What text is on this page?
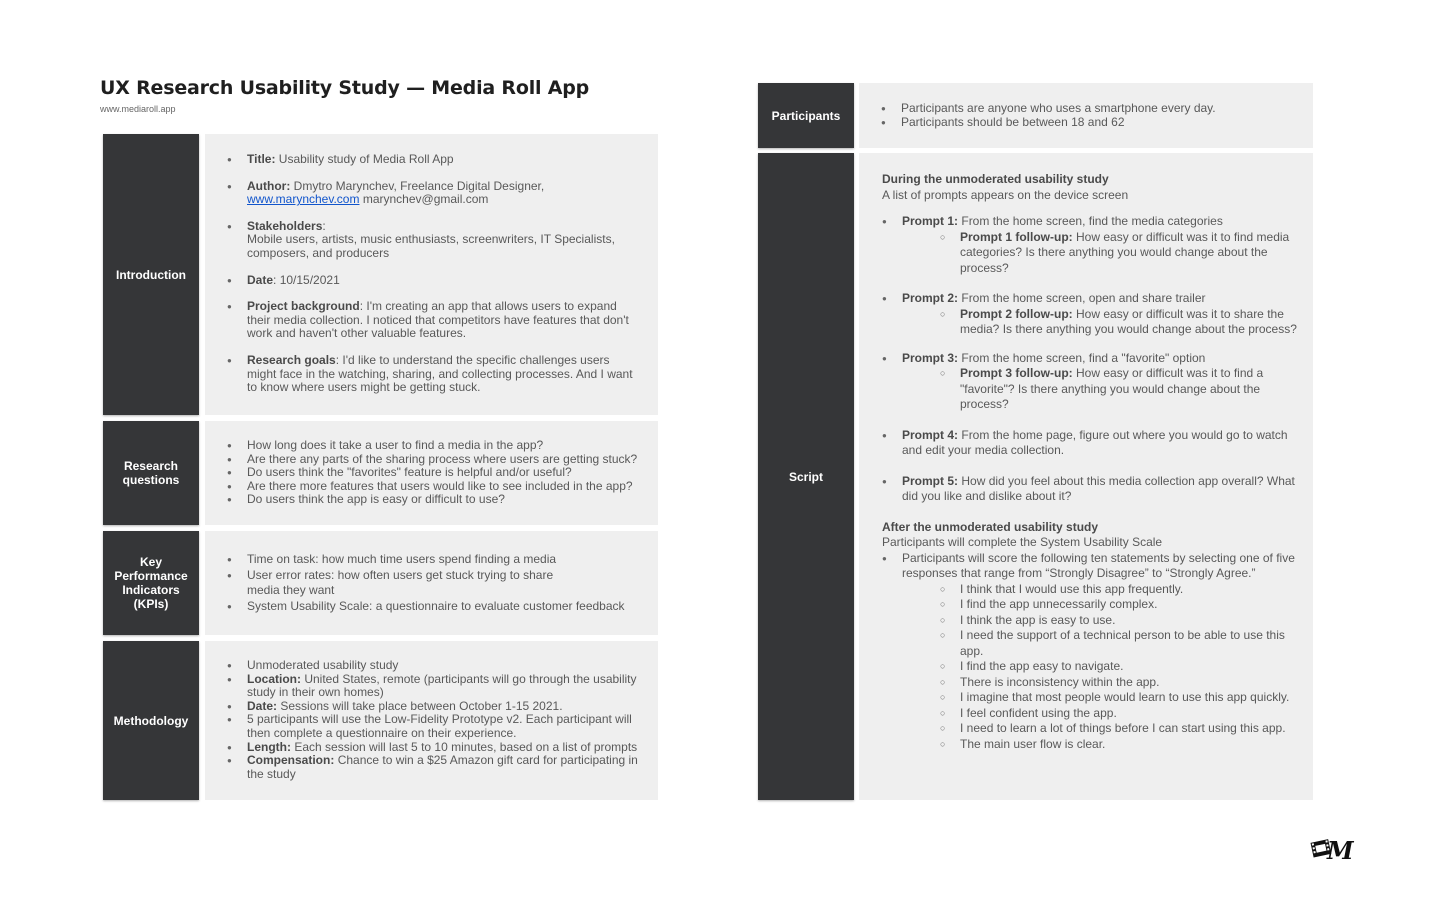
UX Research Usability Study — Media Roll App
www.mediaroll.app
Introduction
● Title: Usability study of Media Roll App
● Author: Dmytro Marynchev, Freelance Digital Designer,
www.marynchev.com marynchev@gmail.com
● Stakeholders:
Mobile users, artists, music enthusiasts, screenwriters, IT Specialists, composers, and producers
● Date: 10/15/2021
● Project background: I'm creating an app that allows users to expand their media collection. I noticed that competitors have features that don't work and haven't other valuable features.
● Research goals: I'd like to understand the specific challenges users might face in the watching, sharing, and collecting processes. And I want to know where users might be getting stuck.
Research questions
● How long does it take a user to find a media in the app?
● Are there any parts of the sharing process where users are getting stuck?
● Do users think the "favorites" feature is helpful and/or useful?
● Are there more features that users would like to see included in the app?
● Do users think the app is easy or difficult to use?
Key Performance Indicators (KPIs)
● Time on task: how much time users spend finding a media
● User error rates: how often users get stuck trying to share media they want
● System Usability Scale: a questionnaire to evaluate customer feedback
Methodology
● Unmoderated usability study
● Location: United States, remote (participants will go through the usability study in their own homes)
● Date: Sessions will take place between October 1-15 2021.
● 5 participants will use the Low-Fidelity Prototype v2. Each participant will then complete a questionnaire on their experience.
● Length: Each session will last 5 to 10 minutes, based on a list of prompts
● Compensation: Chance to win a $25 Amazon gift card for participating in the study
Participants
● Participants are anyone who uses a smartphone every day.
● Participants should be between 18 and 62
Script
During the unmoderated usability study
A list of prompts appears on the device screen
● Prompt 1: From the home screen, find the media categories
○ Prompt 1 follow-up: How easy or difficult was it to find media categories? Is there anything you would change about the process?
● Prompt 2: From the home screen, open and share trailer
○ Prompt 2 follow-up: How easy or difficult was it to share the media? Is there anything you would change about the process?
● Prompt 3: From the home screen, find a "favorite" option
○ Prompt 3 follow-up: How easy or difficult was it to find a "favorite"? Is there anything you would change about the process?
● Prompt 4: From the home page, figure out where you would go to watch and edit your media collection.
● Prompt 5: How did you feel about this media collection app overall? What did you like and dislike about it?
After the unmoderated usability study
Participants will complete the System Usability Scale
● Participants will score the following ten statements by selecting one of five responses that range from “Strongly Disagree” to “Strongly Agree.”
○ I think that I would use this app frequently.
○ I find the app unnecessarily complex.
○ I think the app is easy to use.
○ I need the support of a technical person to be able to use this app.
○ I find the app easy to navigate.
○ There is inconsistency within the app.
○ I imagine that most people would learn to use this app quickly.
○ I feel confident using the app.
○ I need to learn a lot of things before I can start using this app.
○ The main user flow is clear.
M
